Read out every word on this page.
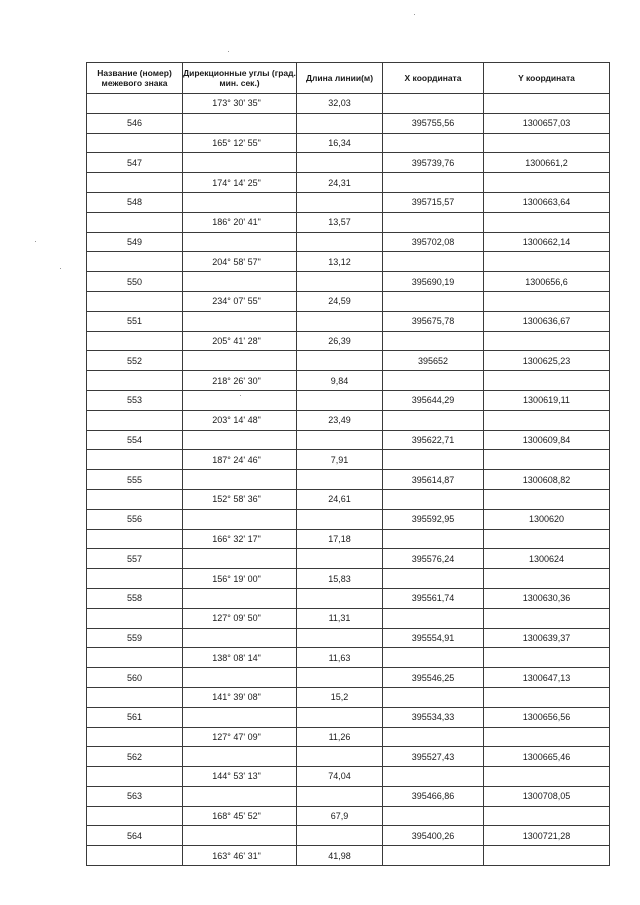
Название (номер) межевого знака	Дирекционные углы (град. мин. сек.)	Длина линии(м)	X координата	Y координата
	173° 30' 35"	32,03		
546			395755,56	1300657,03
	165° 12' 55"	16,34		
547			395739,76	1300661,2
	174° 14' 25"	24,31		
548			395715,57	1300663,64
	186° 20' 41"	13,57		
549			395702,08	1300662,14
	204° 58' 57"	13,12		
550			395690,19	1300656,6
	234° 07' 55"	24,59		
551			395675,78	1300636,67
	205° 41' 28"	26,39		
552			395652	1300625,23
	218° 26' 30"	9,84		
553			395644,29	1300619,11
	203° 14' 48"	23,49		
554			395622,71	1300609,84
	187° 24' 46"	7,91		
555			395614,87	1300608,82
	152° 58' 36"	24,61		
556			395592,95	1300620
	166° 32' 17"	17,18		
557			395576,24	1300624
	156° 19' 00"	15,83		
558			395561,74	1300630,36
	127° 09' 50"	11,31		
559			395554,91	1300639,37
	138° 08' 14"	11,63		
560			395546,25	1300647,13
	141° 39' 08"	15,2		
561			395534,33	1300656,56
	127° 47' 09"	11,26		
562			395527,43	1300665,46
	144° 53' 13"	74,04		
563			395466,86	1300708,05
	168° 45' 52"	67,9		
564			395400,26	1300721,28
	163° 46' 31"	41,98		
